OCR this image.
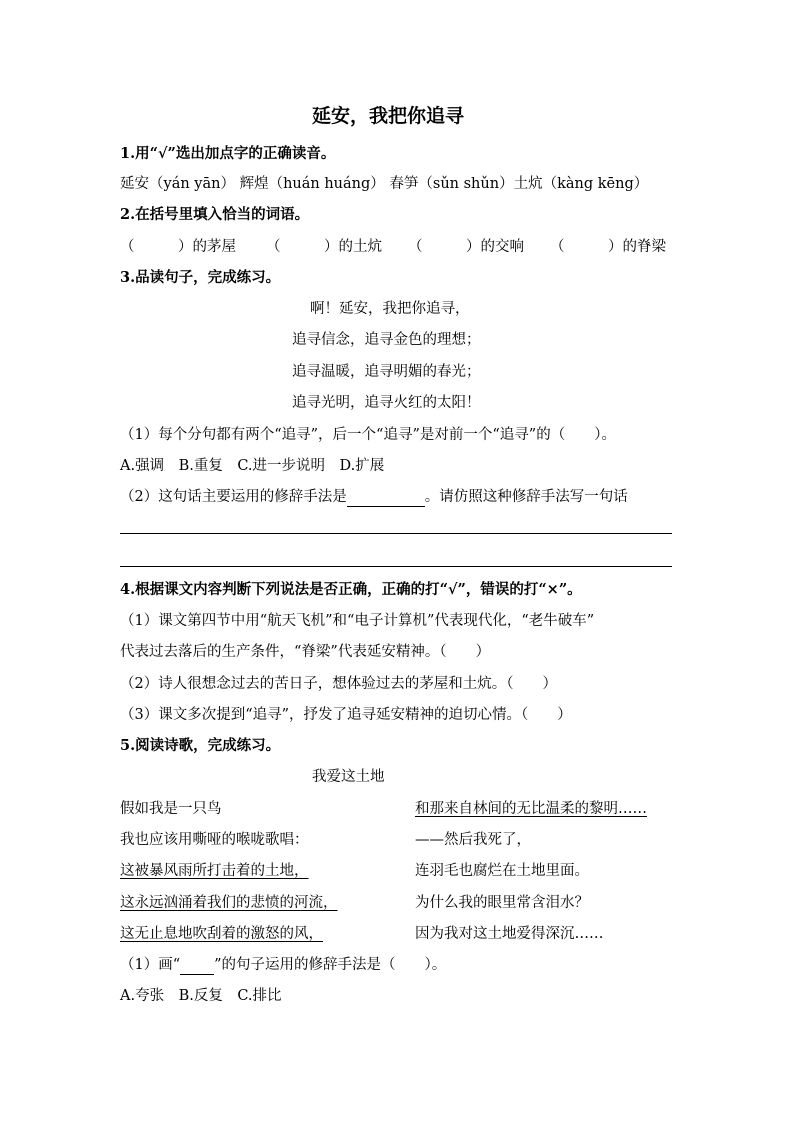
延安，我把你追寻
1.用“√”选出加点字的正确读音。
延安（yán yān） 辉煌（huán huáng） 春笋（sǔn shǔn）土炕（kàng kēng）
2.在括号里填入恰当的词语。
（　　　）的茅屋 （　　　）的土炕 （　　　）的交响 （　　　）的脊梁
3.品读句子，完成练习。
啊！延安，我把你追寻，
追寻信念，追寻金色的理想；
追寻温暖，追寻明媚的春光；
追寻光明，追寻火红的太阳！
（1）每个分句都有两个“追寻”，后一个“追寻”是对前一个“追寻”的（　　）。
A.强调　B.重复　C.进一步说明　D.扩展
（2）这句话主要运用的修辞手法是	。请仿照这种修辞手法写一句话
4.根据课文内容判断下列说法是否正确，正确的打“√”，错误的打“×”。
（1）课文第四节中用“航天飞机”和“电子计算机”代表现代化，“老牛破车”
代表过去落后的生产条件，“脊梁”代表延安精神。（　　）
（2）诗人很想念过去的苦日子，想体验过去的茅屋和土炕。（　　）
（3）课文多次提到“追寻”，抒发了追寻延安精神的迫切心情。（　　）
5.阅读诗歌，完成练习。
我爱这土地
假如我是一只鸟
我也应该用嘶哑的喉咙歌唱：
这被暴风雨所打击着的土地，
这永远汹涌着我们的悲愤的河流，
这无止息地吹刮着的激怒的风，
和那来自林间的无比温柔的黎明……
——然后我死了，
连羽毛也腐烂在土地里面。
为什么我的眼里常含泪水？
因为我对这土地爱得深沉……
（1）画“ ”的句子运用的修辞手法是（　　）。
A.夸张　B.反复　C.排比
